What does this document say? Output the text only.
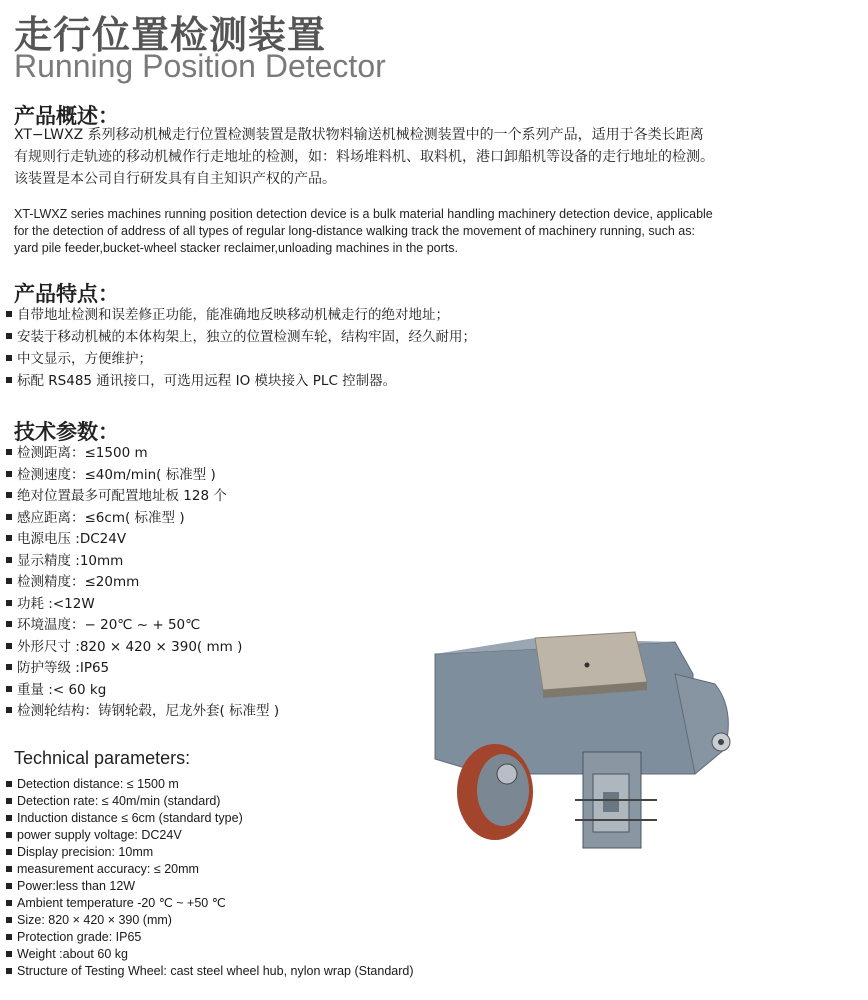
走行位置检测装置
Running Position Detector
产品概述：
XT−LWXZ 系列移动机械走行位置检测装置是散状物料输送机械检测装置中的一个系列产品，适用于各类长距离有规则行走轨迹的移动机械作行走地址的检测，如：料场堆料机、取料机，港口卸船机等设备的走行地址的检测。该装置是本公司自行研发具有自主知识产权的产品。
XT-LWXZ series machines running position detection device is a bulk material handling machinery detection device, applicable for the detection of address of all types of regular long-distance walking track the movement of machinery running, such as: yard pile feeder,bucket-wheel stacker reclaimer,unloading machines in the ports.
产品特点：
自带地址检测和误差修正功能，能准确地反映移动机械走行的绝对地址；
安装于移动机械的本体构架上，独立的位置检测车轮，结构牢固，经久耐用；
中文显示，方便维护；
标配 RS485 通讯接口，可选用远程 IO 模块接入 PLC 控制器。
技术参数：
检测距离：≤1500 m
检测速度：≤40m/min( 标准型 )
绝对位置最多可配置地址板 128 个
感应距离：≤6cm( 标准型 )
电源电压 :DC24V
显示精度 :10mm
检测精度：≤20mm
功耗 :<12W
环境温度：− 20℃ ~ + 50℃
外形尺寸 :820 × 420 × 390( mm )
防护等级 :IP65
重量 :< 60 kg
检测轮结构：铸钢轮毂，尼龙外套( 标准型 )
Technical parameters:
Detection distance: ≤ 1500 m
Detection rate: ≤ 40m/min (standard)
Induction distance ≤ 6cm (standard type)
power supply voltage: DC24V
Display precision: 10mm
measurement accuracy: ≤ 20mm
Power:less than 12W
Ambient temperature -20 ℃ ~ +50 ℃
Size: 820 × 420 × 390 (mm)
Protection grade: IP65
Weight :about 60 kg
Structure of Testing Wheel: cast steel wheel hub, nylon wrap (Standard)
